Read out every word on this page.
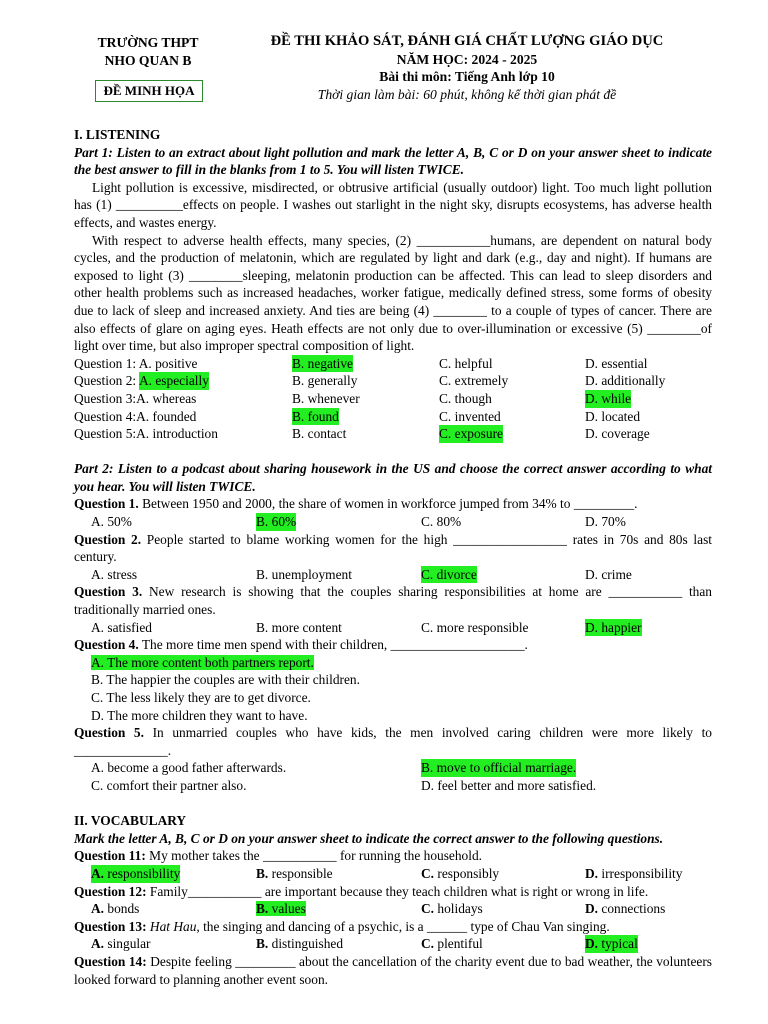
TRƯỜNG THPT
NHO QUAN B
ĐỀ MINH HỌA
ĐỀ THI KHẢO SÁT, ĐÁNH GIÁ CHẤT LƯỢNG GIÁO DỤC
NĂM HỌC: 2024 - 2025
Bài thi môn: Tiếng Anh lớp 10
Thời gian làm bài: 60 phút, không kể thời gian phát đề

I. LISTENING

Part 1: Listen to an extract about light pollution and mark the letter A, B, C or D on your answer sheet to indicate the best answer to fill in the blanks from 1 to 5. You will listen TWICE.

Light pollution is excessive, misdirected, or obtrusive artificial (usually outdoor) light. Too much light pollution has (1) __________effects on people. I washes out starlight in the night sky, disrupts ecosystems, has adverse health effects, and wastes energy.

With respect to adverse health effects, many species, (2) ___________humans, are dependent on natural body cycles, and the production of melatonin, which are regulated by light and dark (e.g., day and night). If humans are exposed to light (3) ________sleeping, melatonin production can be affected. This can lead to sleep disorders and other health problems such as increased headaches, worker fatigue, medically defined stress, some forms of obesity due to lack of sleep and increased anxiety. And ties are being (4) ________ to a couple of types of cancer. There are also effects of glare on aging eyes. Heath effects are not only due to over-illumination or excessive (5) ________of light over time, but also improper spectral composition of light.

Question 1: A. positive	B. negative	C. helpful	D. essential
Question 2: A. especially	B. generally	C. extremely	D. additionally
Question 3:A. whereas	B. whenever	C. though	D. while
Question 4:A. founded	B. found	C. invented	D. located
Question 5:A. introduction	B. contact	C. exposure	D. coverage

Part 2: Listen to a podcast about sharing housework in the US and choose the correct answer according to what you hear. You will listen TWICE.

Question 1. Between 1950 and 2000, the share of women in workforce jumped from 34% to _________.

A. 50%	B. 60%	C. 80%	D. 70%

Question 2. People started to blame working women for the high _________________ rates in 70s and 80s last century.

A. stress	B. unemployment	C. divorce	D. crime

Question 3. New research is showing that the couples sharing responsibilities at home are ___________ than traditionally married ones.

A. satisfied	B. more content	C. more responsible	D. happier

Question 4. The more time men spend with their children, ____________________.

A. The more content both partners report.

B. The happier the couples are with their children.

C. The less likely they are to get divorce.

D. The more children they want to have.

Question 5. In unmarried couples who have kids, the men involved caring children were more likely to ______________.

A. become a good father afterwards.	B. move to official marriage.
C. comfort their partner also.	D. feel better and more satisfied.

II. VOCABULARY

Mark the letter A, B, C or D on your answer sheet to indicate the correct answer to the following questions.

Question 11: My mother takes the ___________ for running the household.

A. responsibility	B. responsible	C. responsibly	D. irresponsibility

Question 12: Family___________ are important because they teach children what is right or wrong in life.

A. bonds	B. values	C. holidays	D. connections

Question 13: Hat Hau, the singing and dancing of a psychic, is a ______ type of Chau Van singing.

A. singular	B. distinguished	C. plentiful	D. typical

Question 14: Despite feeling _________ about the cancellation of the charity event due to bad weather, the volunteers looked forward to planning another event soon.
